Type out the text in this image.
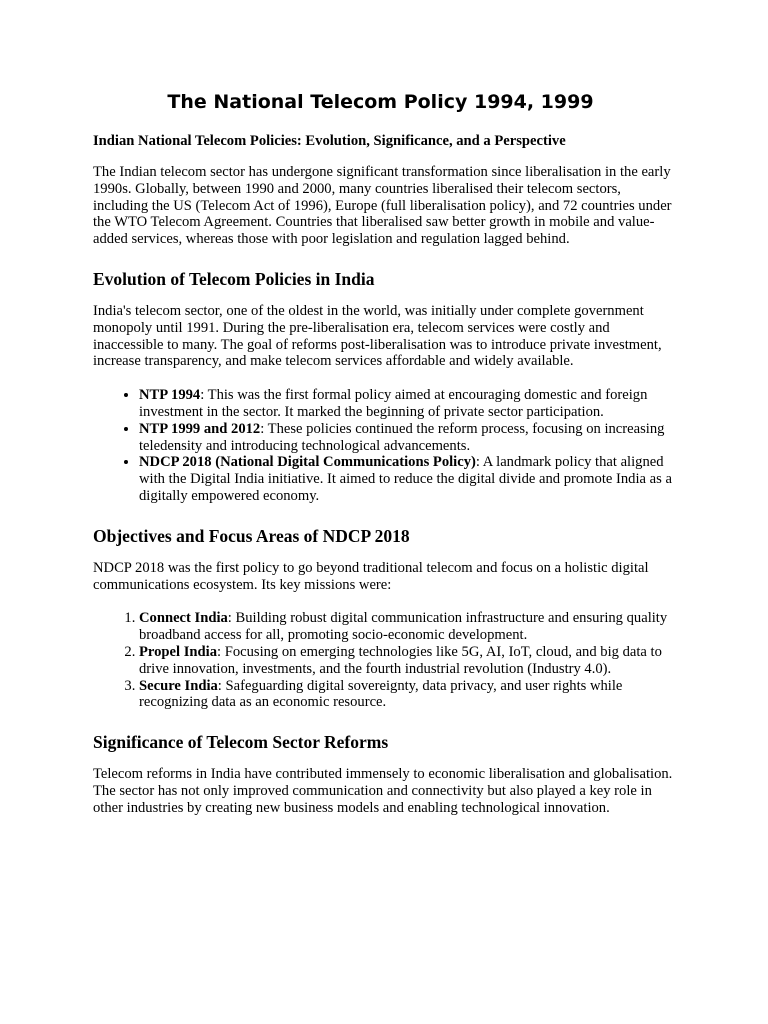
The National Telecom Policy 1994, 1999
Indian National Telecom Policies: Evolution, Significance, and a Perspective

The Indian telecom sector has undergone significant transformation since liberalisation in the early 1990s. Globally, between 1990 and 2000, many countries liberalised their telecom sectors, including the US (Telecom Act of 1996), Europe (full liberalisation policy), and 72 countries under the WTO Telecom Agreement. Countries that liberalised saw better growth in mobile and value-added services, whereas those with poor legislation and regulation lagged behind.

Evolution of Telecom Policies in India

India's telecom sector, one of the oldest in the world, was initially under complete government monopoly until 1991. During the pre-liberalisation era, telecom services were costly and inaccessible to many. The goal of reforms post-liberalisation was to introduce private investment, increase transparency, and make telecom services affordable and widely available.

• NTP 1994: This was the first formal policy aimed at encouraging domestic and foreign investment in the sector. It marked the beginning of private sector participation.
• NTP 1999 and 2012: These policies continued the reform process, focusing on increasing teledensity and introducing technological advancements.
• NDCP 2018 (National Digital Communications Policy): A landmark policy that aligned with the Digital India initiative. It aimed to reduce the digital divide and promote India as a digitally empowered economy.
Objectives and Focus Areas of NDCP 2018

NDCP 2018 was the first policy to go beyond traditional telecom and focus on a holistic digital communications ecosystem. Its key missions were:

1. Connect India: Building robust digital communication infrastructure and ensuring quality broadband access for all, promoting socio-economic development.
2. Propel India: Focusing on emerging technologies like 5G, AI, IoT, cloud, and big data to drive innovation, investments, and the fourth industrial revolution (Industry 4.0).
3. Secure India: Safeguarding digital sovereignty, data privacy, and user rights while recognizing data as an economic resource.
Significance of Telecom Sector Reforms

Telecom reforms in India have contributed immensely to economic liberalisation and globalisation. The sector has not only improved communication and connectivity but also played a key role in other industries by creating new business models and enabling technological innovation.
